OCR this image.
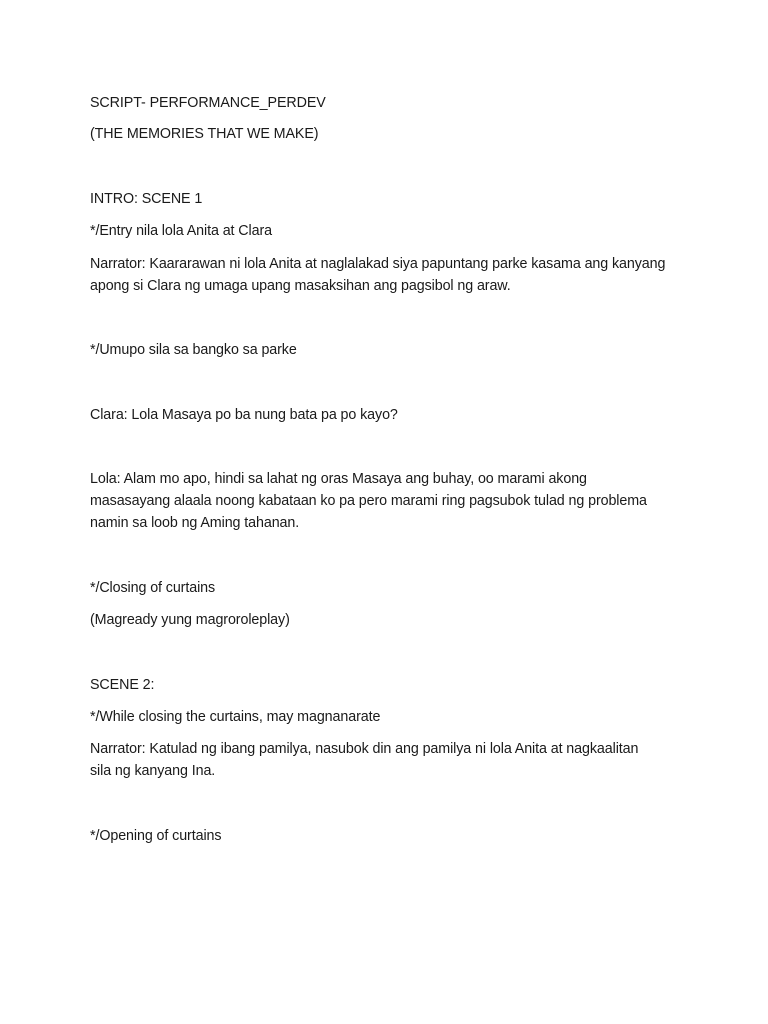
SCRIPT- PERFORMANCE_PERDEV
(THE MEMORIES THAT WE MAKE)
INTRO: SCENE 1
*/Entry nila lola Anita at Clara
Narrator: Kaararawan ni lola Anita at naglalakad siya papuntang parke kasama ang kanyang
apong si Clara ng umaga upang masaksihan ang pagsibol ng araw.
*/Umupo sila sa bangko sa parke
Clara: Lola Masaya po ba nung bata pa po kayo?
Lola: Alam mo apo, hindi sa lahat ng oras Masaya ang buhay, oo marami akong
masasayang alaala noong kabataan ko pa pero marami ring pagsubok tulad ng problema
namin sa loob ng Aming tahanan.
*/Closing of curtains
(Magready yung magroroleplay)
SCENE 2:
*/While closing the curtains, may magnanarate
Narrator: Katulad ng ibang pamilya, nasubok din ang pamilya ni lola Anita at nagkaalitan
sila ng kanyang Ina.
*/Opening of curtains
